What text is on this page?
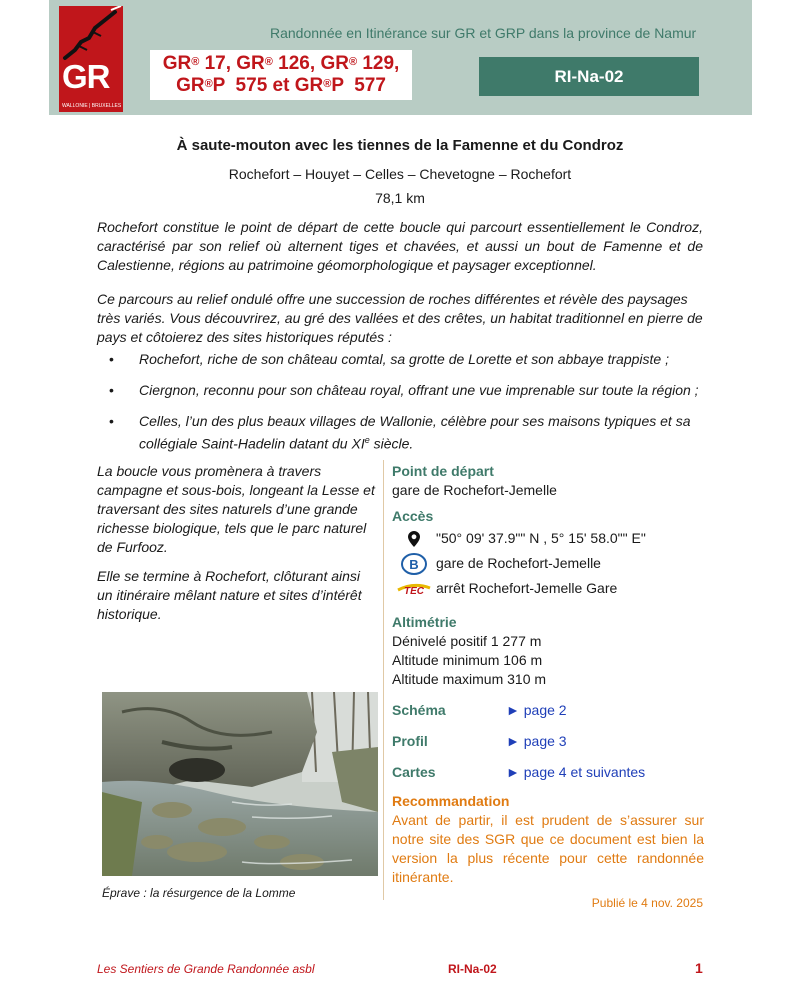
GR
WALLONIE | BRUXELLES
Randonnée en Itinérance sur GR et GRP dans la province de Namur
GR® 17, GR® 126, GR® 129,
GR®P  575 et GR®P  577	RI-Na-02
À saute-mouton avec les tiennes de la Famenne et du Condroz
Rochefort – Houyet – Celles – Chevetogne – Rochefort
78,1 km

Rochefort constitue le point de départ de cette boucle qui parcourt essentiellement le Condroz, caractérisé par son relief où alternent tiges et chavées, et aussi un bout de Famenne et de Calestienne, régions au patrimoine géomorphologique et paysager exceptionnel.

Ce parcours au relief ondulé offre une succession de roches différentes et révèle des paysages très variés. Vous découvrirez, au gré des vallées et des crêtes, un habitat traditionnel en pierre de pays et côtoierez des sites historiques réputés :

• Rochefort, riche de son château comtal, sa grotte de Lorette et son abbaye trappiste ;
• Ciergnon, reconnu pour son château royal, offrant une vue imprenable sur toute la région ;
• Celles, l’un des plus beaux villages de Wallonie, célèbre pour ses maisons typiques et sa collégiale Saint-Hadelin datant du XIe siècle.

La boucle vous promènera à travers campagne et sous-bois, longeant la Lesse et traversant des sites naturels d’une grande richesse biologique, tels que le parc naturel de Furfooz.

Elle se termine à Rochefort, clôturant ainsi un itinéraire mêlant nature et sites d’intérêt historique.

Éprave : la résurgence de la Lomme
Point de départ
gare de Rochefort-Jemelle
Accès
"50° 09' 37.9"" N , 5° 15' 58.0"" E"
B gare de Rochefort-Jemelle
TEC arrêt Rochefort-Jemelle Gare
Altimétrie
Dénivelé positif 1 277 m
Altitude minimum 106 m
Altitude maximum 310 m
Schéma	► page 2
Profil	► page 3
Cartes	► page 4 et suivantes
Recommandation

Avant de partir, il est prudent de s’assurer sur notre site des SGR que ce document est bien la version la plus récente pour cette randonnée itinérante.

Publié le 4 nov. 2025
Les Sentiers de Grande Randonnée asbl	RI-Na-02	1
